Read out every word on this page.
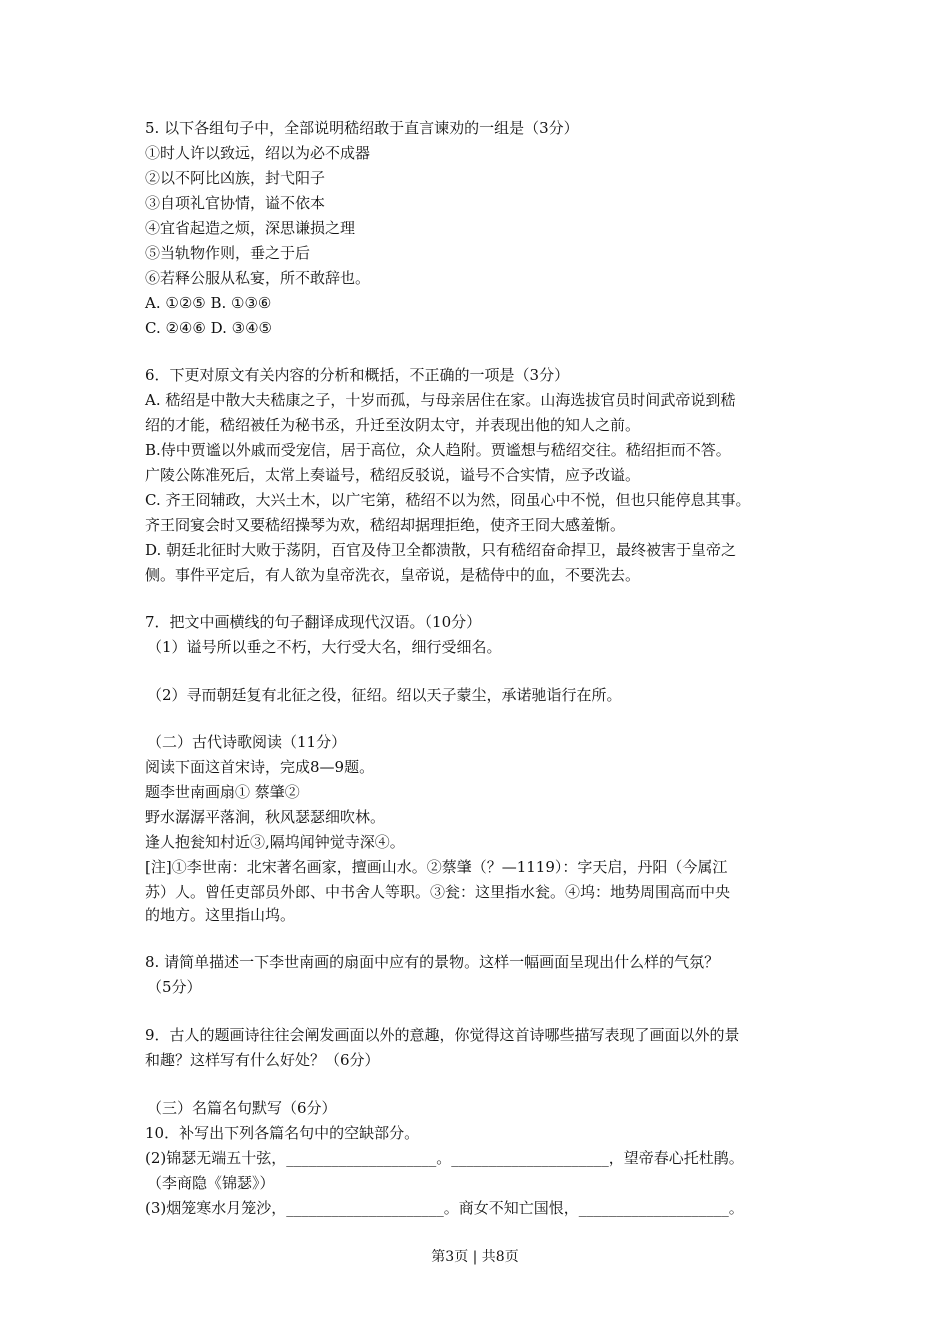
5. 以下各组句子中，全部说明嵇绍敢于直言谏劝的一组是（3分）
①时人许以致远，绍以为必不成器
②以不阿比凶族，封弋阳子
③自项礼官协情，谥不依本
④宜省起造之烦，深思谦损之理
⑤当轨物作则，垂之于后
⑥若释公服从私宴，所不敢辞也。
A. ①②⑤ B. ①③⑥
C. ②④⑥ D. ③④⑤
6．下更对原文有关内容的分析和概括，不正确的一项是（3分）
A. 嵇绍是中散大夫嵇康之子，十岁而孤，与母亲居住在家。山海选拔官员时间武帝说到嵇
绍的才能，嵇绍被任为秘书丞，升迁至汝阴太守，并表现出他的知人之前。
B.侍中贾谧以外戚而受宠信，居于高位，众人趋附。贾谧想与嵇绍交往。嵇绍拒而不答。
广陵公陈准死后，太常上奏谥号，嵇绍反驳说，谥号不合实情，应予改谥。
C. 齐王冏辅政，大兴土木，以广宅第，嵇绍不以为然，冏虽心中不悦，但也只能停息其事。
齐王冏宴会时又要嵇绍操琴为欢，嵇绍却据理拒绝，使齐王冏大感羞惭。
D. 朝廷北征时大败于荡阴，百官及侍卫全都溃散，只有嵇绍奋命捍卫，最终被害于皇帝之
侧。事件平定后，有人欲为皇帝洗衣，皇帝说，是嵇侍中的血，不要洗去。
7．把文中画横线的句子翻译成现代汉语。（10分）
（1）谥号所以垂之不朽，大行受大名，细行受细名。
（2）寻而朝廷复有北征之役，征绍。绍以天子蒙尘，承诺驰诣行在所。
（二）古代诗歌阅读（11分）
阅读下面这首宋诗，完成8—9题。
题李世南画扇① 蔡肇②
野水潺潺平落涧，秋风瑟瑟细吹林。
逢人抱瓮知村近③,隔坞闻钟觉寺深④。
[注]①李世南：北宋著名画家，擅画山水。②蔡肇（？—1119）：字天启，丹阳（今属江
苏）人。曾任吏部员外郎、中书舍人等职。③瓮：这里指水瓮。④坞：地势周围高而中央
的地方。这里指山坞。
8. 请简单描述一下李世南画的扇面中应有的景物。这样一幅画面呈现出什么样的气氛？
（5分）
9．古人的题画诗往往会阐发画面以外的意趣，你觉得这首诗哪些描写表现了画面以外的景
和趣？这样写有什么好处？（6分）
（三）名篇名句默写（6分）
10．补写出下列各篇名句中的空缺部分。
(2)锦瑟无端五十弦，____________________。_____________________，望帝春心托杜鹃。
（李商隐《锦瑟》）
(3)烟笼寒水月笼沙，_____________________。商女不知亡国恨，____________________。
第3页 | 共8页
